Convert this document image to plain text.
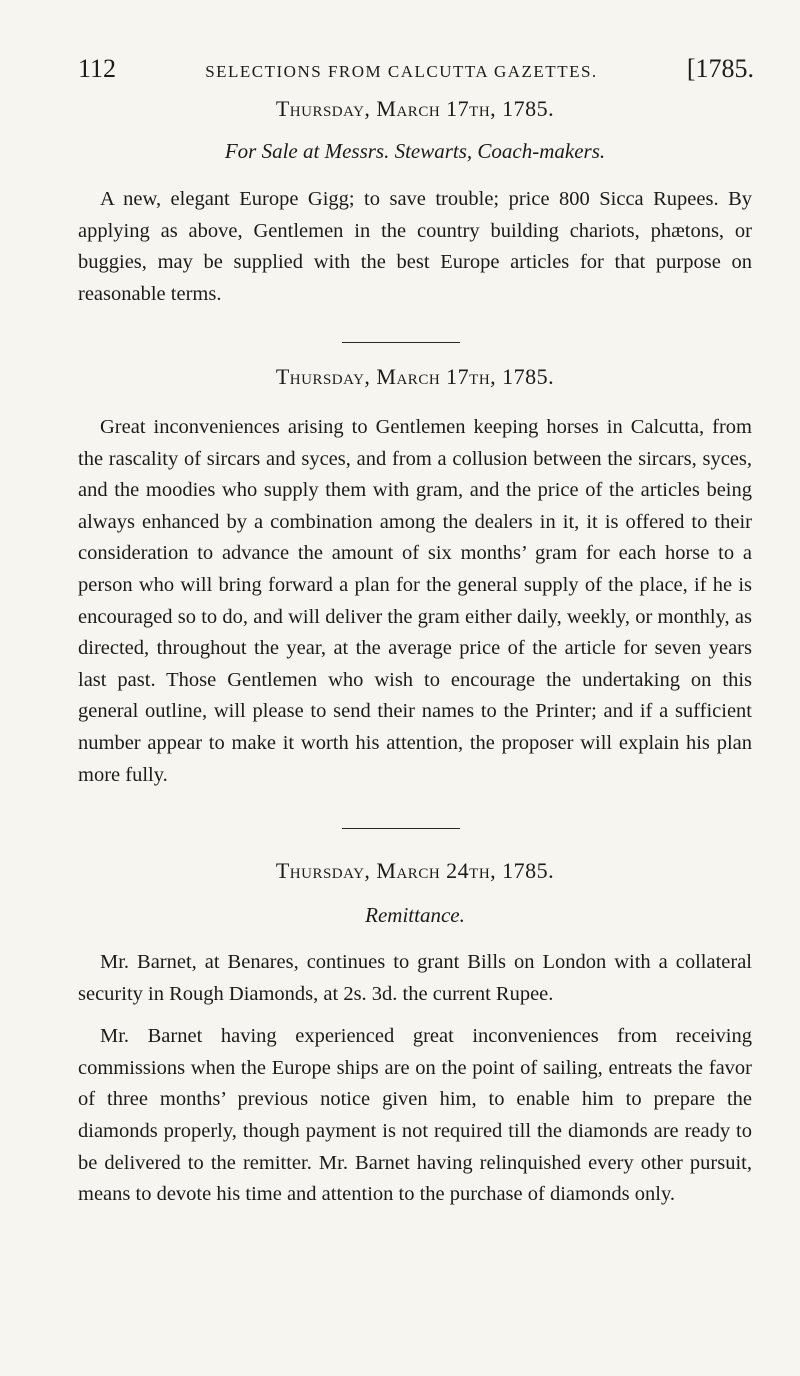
112	SELECTIONS FROM CALCUTTA GAZETTES.	[1785.
Thursday, March 17th, 1785.
For Sale at Messrs. Stewarts, Coach-makers.

A new, elegant Europe Gigg; to save trouble; price 800 Sicca Rupees. By applying as above, Gentlemen in the country building chariots, phætons, or buggies, may be supplied with the best Europe articles for that purpose on reasonable terms.

Thursday, March 17th, 1785.

Great inconveniences arising to Gentlemen keeping horses in Calcutta, from the rascality of sircars and syces, and from a collusion between the sircars, syces, and the moodies who supply them with gram, and the price of the articles being always enhanced by a combination among the dealers in it, it is offered to their consideration to advance the amount of six months’ gram for each horse to a person who will bring forward a plan for the general supply of the place, if he is encouraged so to do, and will deliver the gram either daily, weekly, or monthly, as directed, throughout the year, at the average price of the article for seven years last past. Those Gentlemen who wish to encourage the undertaking on this general outline, will please to send their names to the Printer; and if a sufficient number appear to make it worth his attention, the proposer will explain his plan more fully.

Thursday, March 24th, 1785.
Remittance.

Mr. Barnet, at Benares, continues to grant Bills on London with a collateral security in Rough Diamonds, at 2s. 3d. the current Rupee.

Mr. Barnet having experienced great inconveniences from receiving commissions when the Europe ships are on the point of sailing, entreats the favor of three months’ previous notice given him, to enable him to prepare the diamonds properly, though payment is not required till the diamonds are ready to be delivered to the remitter. Mr. Barnet having relinquished every other pursuit, means to devote his time and attention to the purchase of diamonds only.
